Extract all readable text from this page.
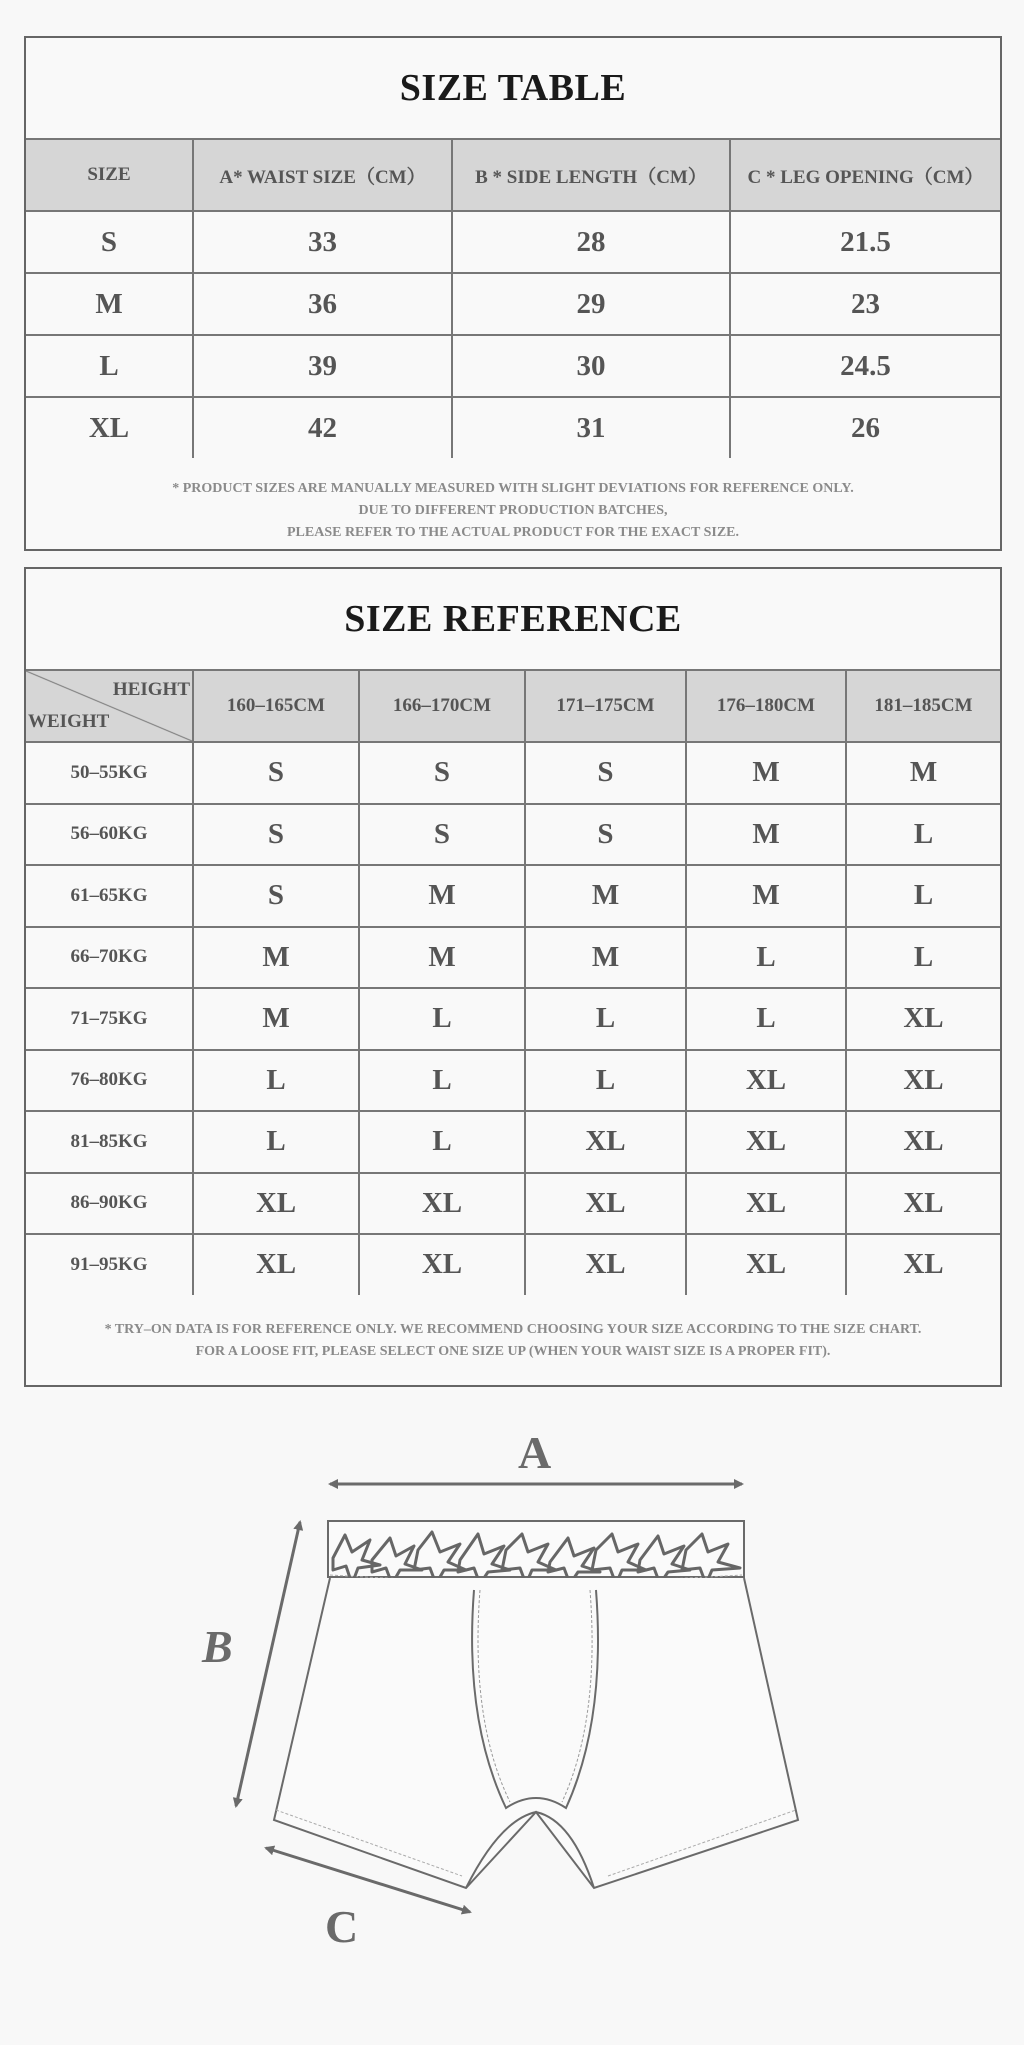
SIZE TABLE
SIZE	A* WAIST SIZE（CM）	B * SIDE LENGTH（CM）	C * LEG OPENING（CM）
S	33	28	21.5
M	36	29	23
L	39	30	24.5
XL	42	31	26
* PRODUCT SIZES ARE MANUALLY MEASURED WITH SLIGHT DEVIATIONS FOR REFERENCE ONLY.
DUE TO DIFFERENT PRODUCTION BATCHES,
PLEASE REFER TO THE ACTUAL PRODUCT FOR THE EXACT SIZE.
SIZE REFERENCE
HEIGHT
WEIGHT	160–165CM	166–170CM	171–175CM	176–180CM	181–185CM
50–55KG	S	S	S	M	M
56–60KG	S	S	S	M	L
61–65KG	S	M	M	M	L
66–70KG	M	M	M	L	L
71–75KG	M	L	L	L	XL
76–80KG	L	L	L	XL	XL
81–85KG	L	L	XL	XL	XL
86–90KG	XL	XL	XL	XL	XL
91–95KG	XL	XL	XL	XL	XL
* TRY–ON DATA IS FOR REFERENCE ONLY. WE RECOMMEND CHOOSING YOUR SIZE ACCORDING TO THE SIZE CHART.
FOR A LOOSE FIT, PLEASE SELECT ONE SIZE UP (WHEN YOUR WAIST SIZE IS A PROPER FIT).
A
B
C
